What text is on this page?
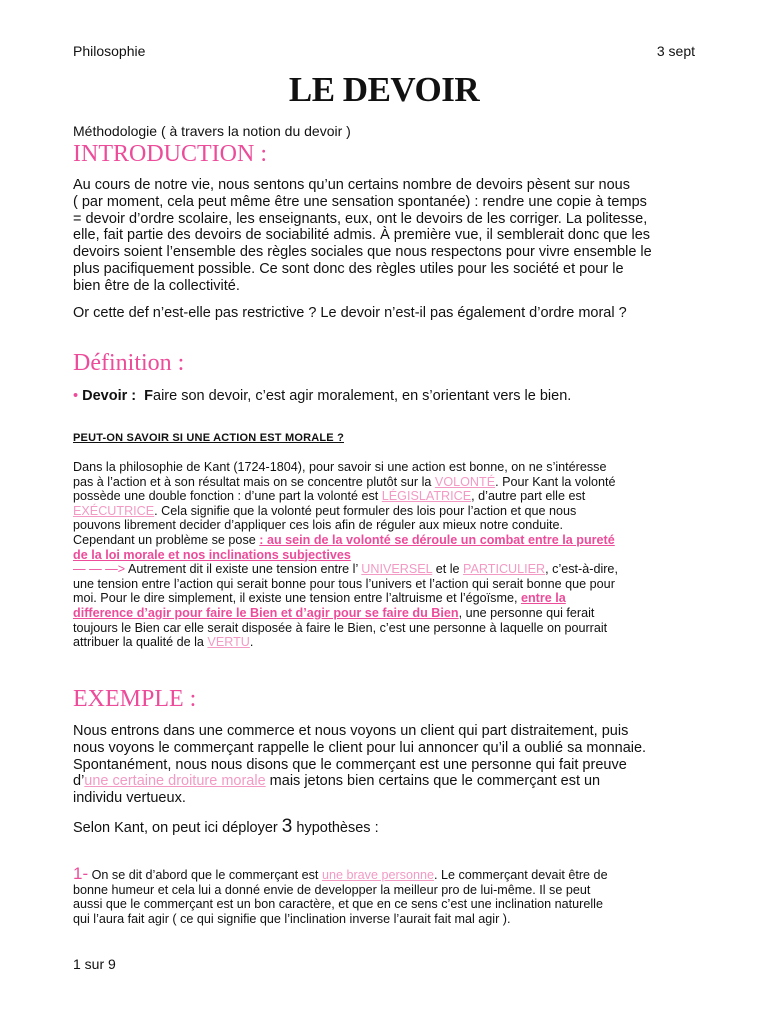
Philosophie	3 sept
LE DEVOIR
Méthodologie ( à travers la notion du devoir )
INTRODUCTION :
Au cours de notre vie, nous sentons qu’un certains nombre de devoirs pèsent sur nous
( par moment, cela peut même être une sensation spontanée) : rendre une copie à temps
= devoir d’ordre scolaire, les enseignants, eux, ont le devoirs de les corriger. La politesse,
elle, fait partie des devoirs de sociabilité admis. À première vue, il semblerait donc que les
devoirs soient l’ensemble des règles sociales que nous respectons pour vivre ensemble le
plus pacifiquement possible. Ce sont donc des règles utiles pour les société et pour le
bien être de la collectivité.
Or cette def n’est-elle pas restrictive ? Le devoir n’est-il pas également d’ordre moral ?
Définition :
• Devoir : Faire son devoir, c’est agir moralement, en s’orientant vers le bien.
PEUT-ON SAVOIR SI UNE ACTION EST MORALE ?
Dans la philosophie de Kant (1724-1804), pour savoir si une action est bonne, on ne s’intéresse
pas à l’action et à son résultat mais on se concentre plutôt sur la VOLONTÉ. Pour Kant la volonté
possède une double fonction : d’une part la volonté est LÉGISLATRICE, d’autre part elle est
EXÉCUTRICE. Cela signifie que la volonté peut formuler des lois pour l’action et que nous
pouvons librement decider d’appliquer ces lois afin de réguler aux mieux notre conduite.
Cependant un problème se pose : au sein de la volonté se déroule un combat entre la pureté
de la loi morale et nos inclinations subjectives
— — —> Autrement dit il existe une tension entre l’ UNIVERSEL et le PARTICULIER, c’est-à-dire,
une tension entre l’action qui serait bonne pour tous l’univers et l’action qui serait bonne que pour
moi. Pour le dire simplement, il existe une tension entre l’altruisme et l’égoïsme, entre la
difference d’agir pour faire le Bien et d’agir pour se faire du Bien, une personne qui ferait
toujours le Bien car elle serait disposée à faire le Bien, c’est une personne à laquelle on pourrait
attribuer la qualité de la VERTU.
EXEMPLE :
Nous entrons dans une commerce et nous voyons un client qui part distraitement, puis
nous voyons le commerçant rappelle le client pour lui annoncer qu’il a oublié sa monnaie.
Spontanément, nous nous disons que le commerçant est une personne qui fait preuve
d’une certaine droiture morale mais jetons bien certains que le commerçant est un
individu vertueux.
Selon Kant, on peut ici déployer 3 hypothèses :
1- On se dit d’abord que le commerçant est une brave personne. Le commerçant devait être de
bonne humeur et cela lui a donné envie de developper la meilleur pro de lui-même. Il se peut
aussi que le commerçant est un bon caractère, et que en ce sens c’est une inclination naturelle
qui l’aura fait agir ( ce qui signifie que l’inclination inverse l’aurait fait mal agir ).
1 sur 9
